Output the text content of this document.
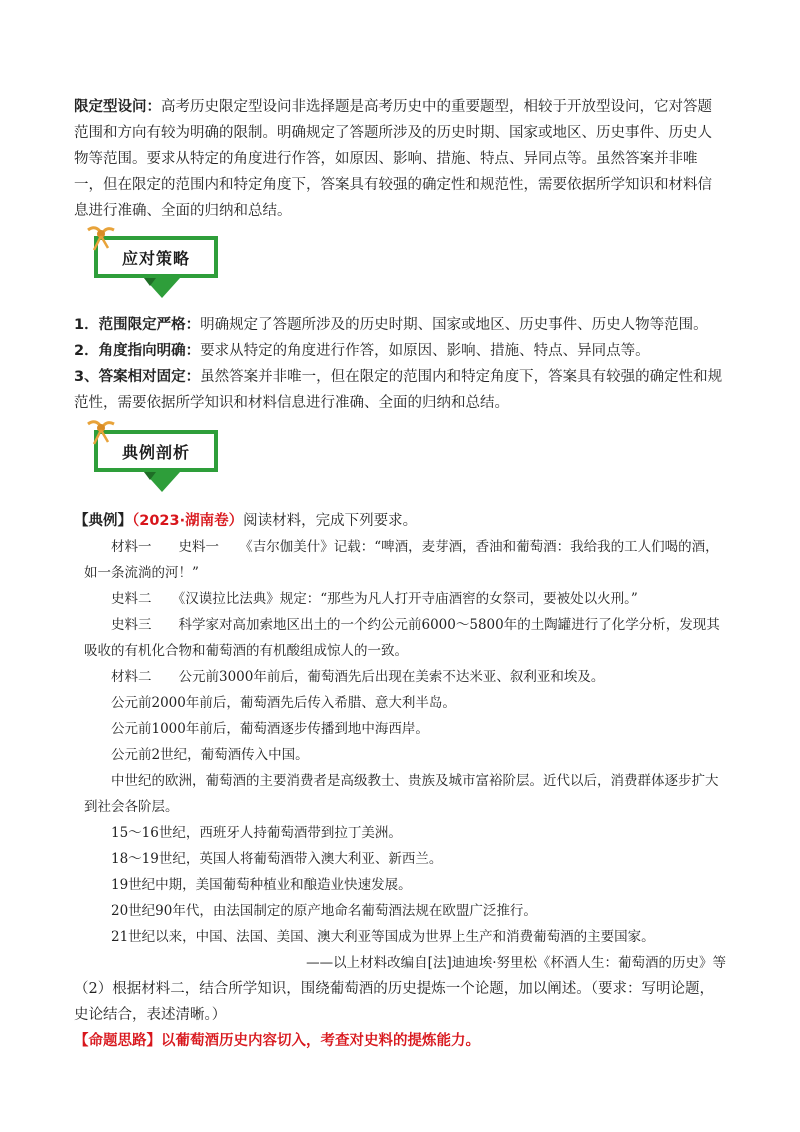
限定型设问：高考历史限定型设问非选择题是高考历史中的重要题型，相较于开放型设问，它对答题范围和方向有较为明确的限制。明确规定了答题所涉及的历史时期、国家或地区、历史事件、历史人物等范围。要求从特定的角度进行作答，如原因、影响、措施、特点、异同点等。虽然答案并非唯一，但在限定的范围内和特定角度下，答案具有较强的确定性和规范性，需要依据所学知识和材料信息进行准确、全面的归纳和总结。

应对策略

1．范围限定严格：明确规定了答题所涉及的历史时期、国家或地区、历史事件、历史人物等范围。

2．角度指向明确：要求从特定的角度进行作答，如原因、影响、措施、特点、异同点等。

3、答案相对固定：虽然答案并非唯一，但在限定的范围内和特定角度下，答案具有较强的确定性和规范性，需要依据所学知识和材料信息进行准确、全面的归纳和总结。

典例剖析

【典例】（2023·湖南卷）阅读材料，完成下列要求。

材料一　　史料一　　《吉尔伽美什》记载：“啤酒，麦芽酒，香油和葡萄酒：我给我的工人们喝的酒，如一条流淌的河！”

史料二　　《汉谟拉比法典》规定：“那些为凡人打开寺庙酒窖的女祭司，要被处以火刑。”

史料三　　科学家对高加索地区出土的一个约公元前6000～5800年的土陶罐进行了化学分析，发现其吸收的有机化合物和葡萄酒的有机酸组成惊人的一致。

材料二　　公元前3000年前后，葡萄酒先后出现在美索不达米亚、叙利亚和埃及。

公元前2000年前后，葡萄酒先后传入希腊、意大利半岛。

公元前1000年前后，葡萄酒逐步传播到地中海西岸。

公元前2世纪，葡萄酒传入中国。

中世纪的欧洲，葡萄酒的主要消费者是高级教士、贵族及城市富裕阶层。近代以后，消费群体逐步扩大到社会各阶层。

15～16世纪，西班牙人持葡萄酒带到拉丁美洲。

18～19世纪，英国人将葡萄酒带入澳大利亚、新西兰。

19世纪中期，美国葡萄种植业和酿造业快速发展。

20世纪90年代，由法国制定的原产地命名葡萄酒法规在欧盟广泛推行。

21世纪以来，中国、法国、美国、澳大利亚等国成为世界上生产和消费葡萄酒的主要国家。

——以上材料改编自[法]迪迪埃·努里松《杯酒人生：葡萄酒的历史》等

（2）根据材料二，结合所学知识，围绕葡萄酒的历史提炼一个论题，加以阐述。（要求：写明论题，史论结合，表述清晰。）

【命题思路】以葡萄酒历史内容切入，考查对史料的提炼能力。
